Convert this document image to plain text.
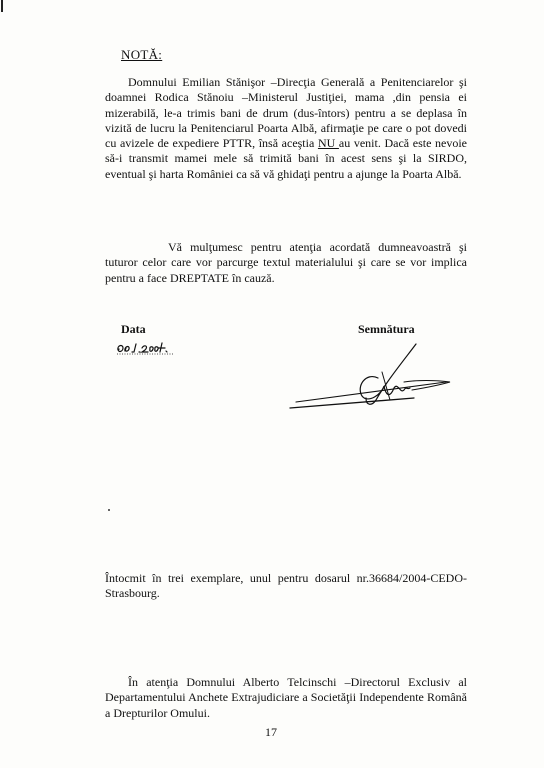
NOTĂ:

Domnului Emilian Stănişor –Direcţia Generală a Penitenciarelor şi doamnei Rodica Stănoiu –Ministerul Justiţiei, mama ,din pensia ei mizerabilă, le-a trimis bani de drum (dus-întors) pentru a se deplasa în vizită de lucru la Penitenciarul Poarta Albă, afirmaţie pe care o pot dovedi cu avizele de expediere PTTR, însă aceştia NU au venit. Dacă este nevoie să-i transmit mamei mele să trimită bani în acest sens şi la SIRDO, eventual şi harta României ca să vă ghidaţi pentru a ajunge la Poarta Albă.

Vă mulţumesc pentru atenţia acordată dumneavoastră şi tuturor celor care vor parcurge textul materialului şi care se vor implica pentru a face DREPTATE în cauză.

Data	Semnătura

Întocmit în trei exemplare, unul pentru dosarul nr.36684/2004-CEDO-Strasbourg.

În atenţia Domnului Alberto Telcinschi –Directorul Exclusiv al Departamentului Anchete Extrajudiciare a Societăţii Independente Română a Drepturilor Omului.

17
